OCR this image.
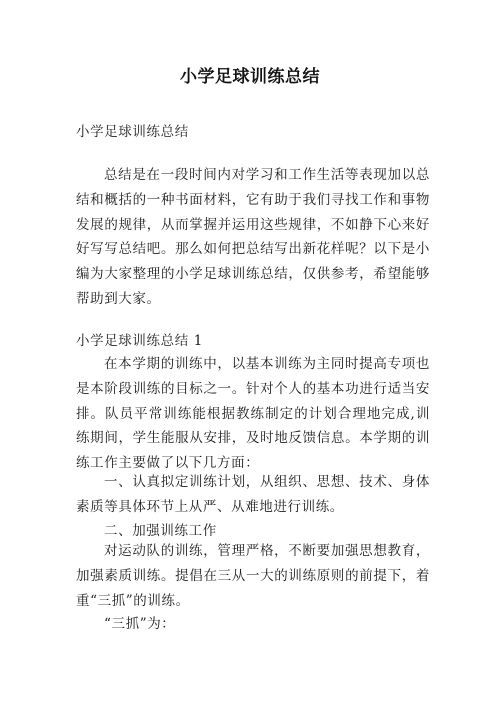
小学足球训练总结
小学足球训练总结

总结是在一段时间内对学习和工作生活等表现加以总结和概括的一种书面材料，它有助于我们寻找工作和事物发展的规律，从而掌握并运用这些规律，不如静下心来好好写写总结吧。那么如何把总结写出新花样呢？以下是小编为大家整理的小学足球训练总结，仅供参考，希望能够帮助到大家。

小学足球训练总结 1

在本学期的训练中，以基本训练为主同时提高专项也是本阶段训练的目标之一。针对个人的基本功进行适当安排。队员平常训练能根据教练制定的计划合理地完成,训练期间，学生能服从安排，及时地反馈信息。本学期的训练工作主要做了以下几方面：

一、认真拟定训练计划，从组织、思想、技术、身体素质等具体环节上从严、从难地进行训练。

二、加强训练工作

对运动队的训练，管理严格，不断要加强思想教育，加强素质训练。提倡在三从一大的训练原则的前提下，着重“三抓”的训练。

“三抓”为：
